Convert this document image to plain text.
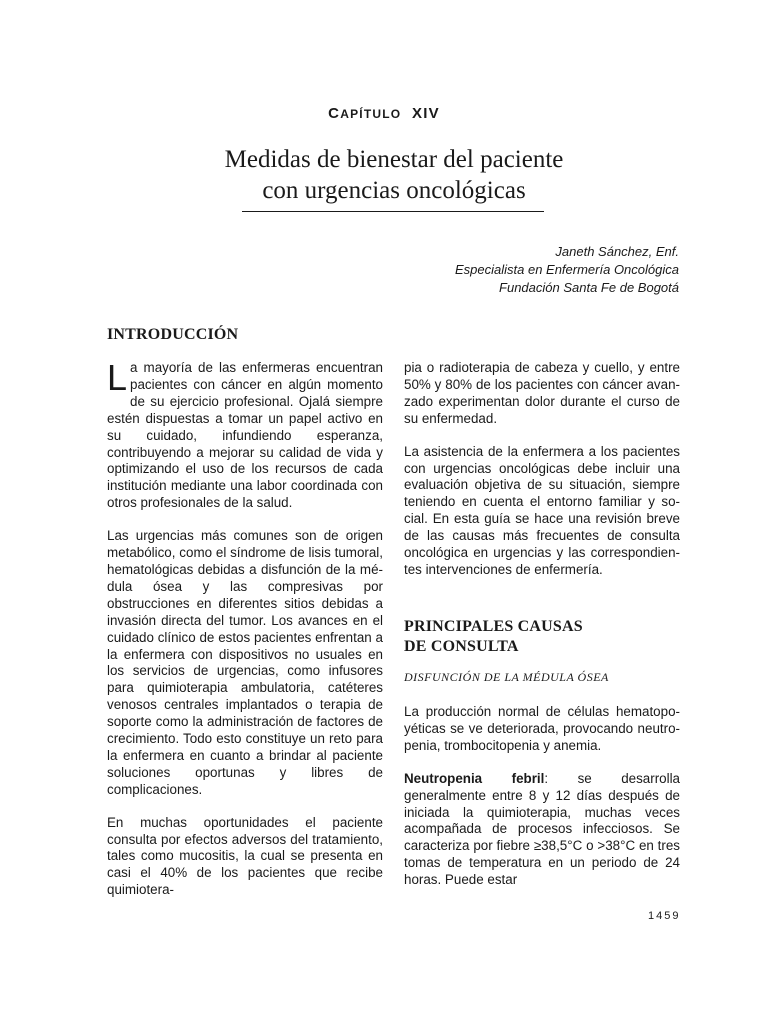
CAPÍTULO XIV
Medidas de bienestar del paciente
con urgencias oncológicas
Janeth Sánchez, Enf.
Especialista en Enfermería Oncológica
Fundación Santa Fe de Bogotá
INTRODUCCIÓN

La mayoría de las enfermeras encuentran pacientes con cáncer en algún momento de su ejercicio profesional. Ojalá siempre estén dispuestas a tomar un papel activo en su cuidado, infundiendo esperanza, contribuyendo a mejorar su calidad de vida y optimizando el uso de los recursos de cada institución mediante una labor coordinada con otros profesionales de la salud.

Las urgencias más comunes son de origen metabólico, como el síndrome de lisis tumoral, hematológicas debidas a disfunción de la médula ósea y las compresivas por obstrucciones en diferentes sitios debidas a invasión directa del tumor. Los avances en el cuidado clínico de estos pacientes enfrentan a la enfermera con dispositivos no usuales en los servicios de urgencias, como infusores para quimioterapia ambulatoria, catéteres venosos centrales implantados o terapia de soporte como la administración de factores de crecimiento. Todo esto constituye un reto para la enfermera en cuanto a brindar al paciente soluciones oportunas y libres de complicaciones.

En muchas oportunidades el paciente consulta por efectos adversos del tratamiento, tales como mucositis, la cual se presenta en casi el 40% de los pacientes que recibe quimiotera-

pia o radioterapia de cabeza y cuello, y entre 50% y 80% de los pacientes con cáncer avanzado experimentan dolor durante el curso de su enfermedad.

La asistencia de la enfermera a los pacientes con urgencias oncológicas debe incluir una evaluación objetiva de su situación, siempre teniendo en cuenta el entorno familiar y social. En esta guía se hace una revisión breve de las causas más frecuentes de consulta oncológica en urgencias y las correspondientes intervenciones de enfermería.

PRINCIPALES CAUSAS
DE CONSULTA
DISFUNCIÓN DE LA MÉDULA ÓSEA

La producción normal de células hematopoyéticas se ve deteriorada, provocando neutropenia, trombocitopenia y anemia.

Neutropenia febril: se desarrolla generalmente entre 8 y 12 días después de iniciada la quimioterapia, muchas veces acompañada de procesos infecciosos. Se caracteriza por fiebre ≥38,5°C o >38°C en tres tomas de temperatura en un periodo de 24 horas. Puede estar

1459
